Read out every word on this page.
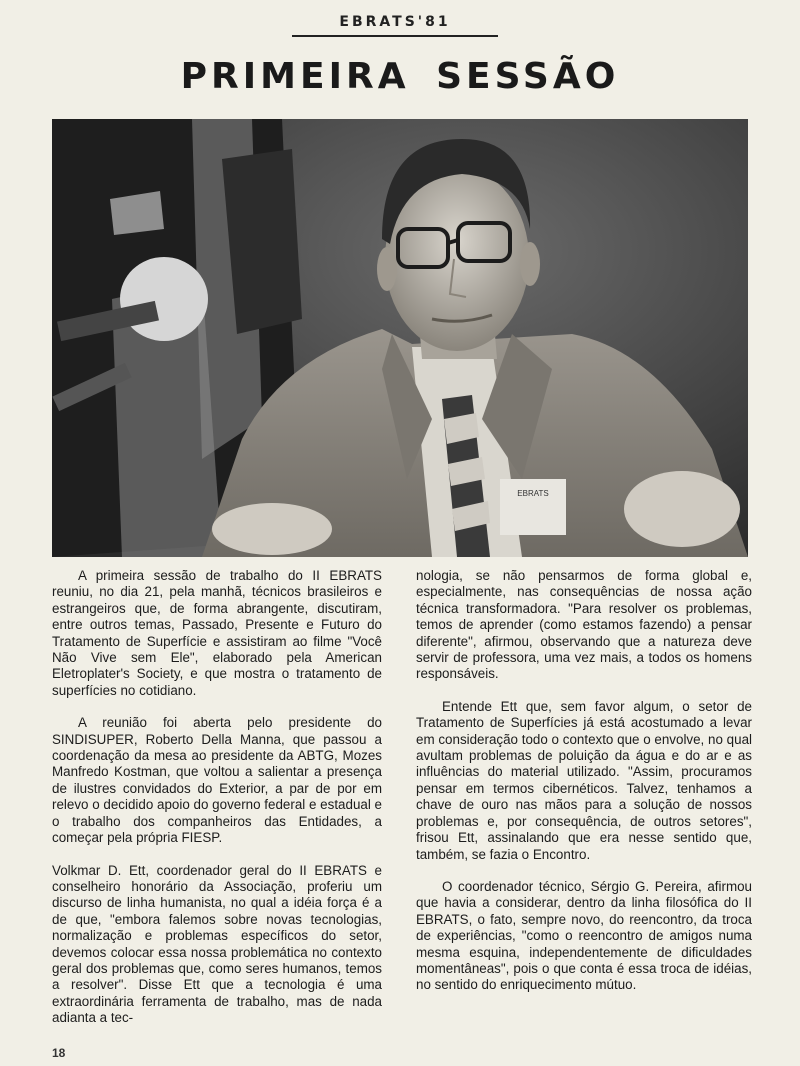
EBRATS'81
PRIMEIRA SESSÃO
EBRATS

A primeira sessão de trabalho do II EBRATS reuniu, no dia 21, pela manhã, técnicos brasileiros e estrangeiros que, de forma abrangente, discutiram, entre outros temas, Passado, Presente e Futuro do Tratamento de Superfície e assistiram ao filme "Você Não Vive sem Ele", elaborado pela American Eletroplater's Society, e que mostra o tratamento de superfícies no cotidiano.

A reunião foi aberta pelo presidente do SINDISUPER, Roberto Della Manna, que passou a coordenação da mesa ao presidente da ABTG, Mozes Manfredo Kostman, que voltou a salientar a presença de ilustres convidados do Exterior, a par de por em relevo o decidido apoio do governo federal e estadual e o trabalho dos companheiros das Entidades, a começar pela própria FIESP.

Volkmar D. Ett, coordenador geral do II EBRATS e conselheiro honorário da Associação, proferiu um discurso de linha humanista, no qual a idéia força é a de que, "embora falemos sobre novas tecnologias, normalização e problemas específicos do setor, devemos colocar essa nossa problemática no contexto geral dos problemas que, como seres humanos, temos a resolver". Disse Ett que a tecnologia é uma extraordinária ferramenta de trabalho, mas de nada adianta a tec-

nologia, se não pensarmos de forma global e, especialmente, nas consequências de nossa ação técnica transformadora. "Para resolver os problemas, temos de aprender (como estamos fazendo) a pensar diferente", afirmou, observando que a natureza deve servir de professora, uma vez mais, a todos os homens responsáveis.

Entende Ett que, sem favor algum, o setor de Tratamento de Superfícies já está acostumado a levar em consideração todo o contexto que o envolve, no qual avultam problemas de poluição da água e do ar e as influências do material utilizado. "Assim, procuramos pensar em termos cibernéticos. Talvez, tenhamos a chave de ouro nas mãos para a solução de nossos problemas e, por consequência, de outros setores", frisou Ett, assinalando que era nesse sentido que, também, se fazia o Encontro.

O coordenador técnico, Sérgio G. Pereira, afirmou que havia a considerar, dentro da linha filosófica do II EBRATS, o fato, sempre novo, do reencontro, da troca de experiências, "como o reencontro de amigos numa mesma esquina, independentemente de dificuldades momentâneas", pois o que conta é essa troca de idéias, no sentido do enriquecimento mútuo.

18
